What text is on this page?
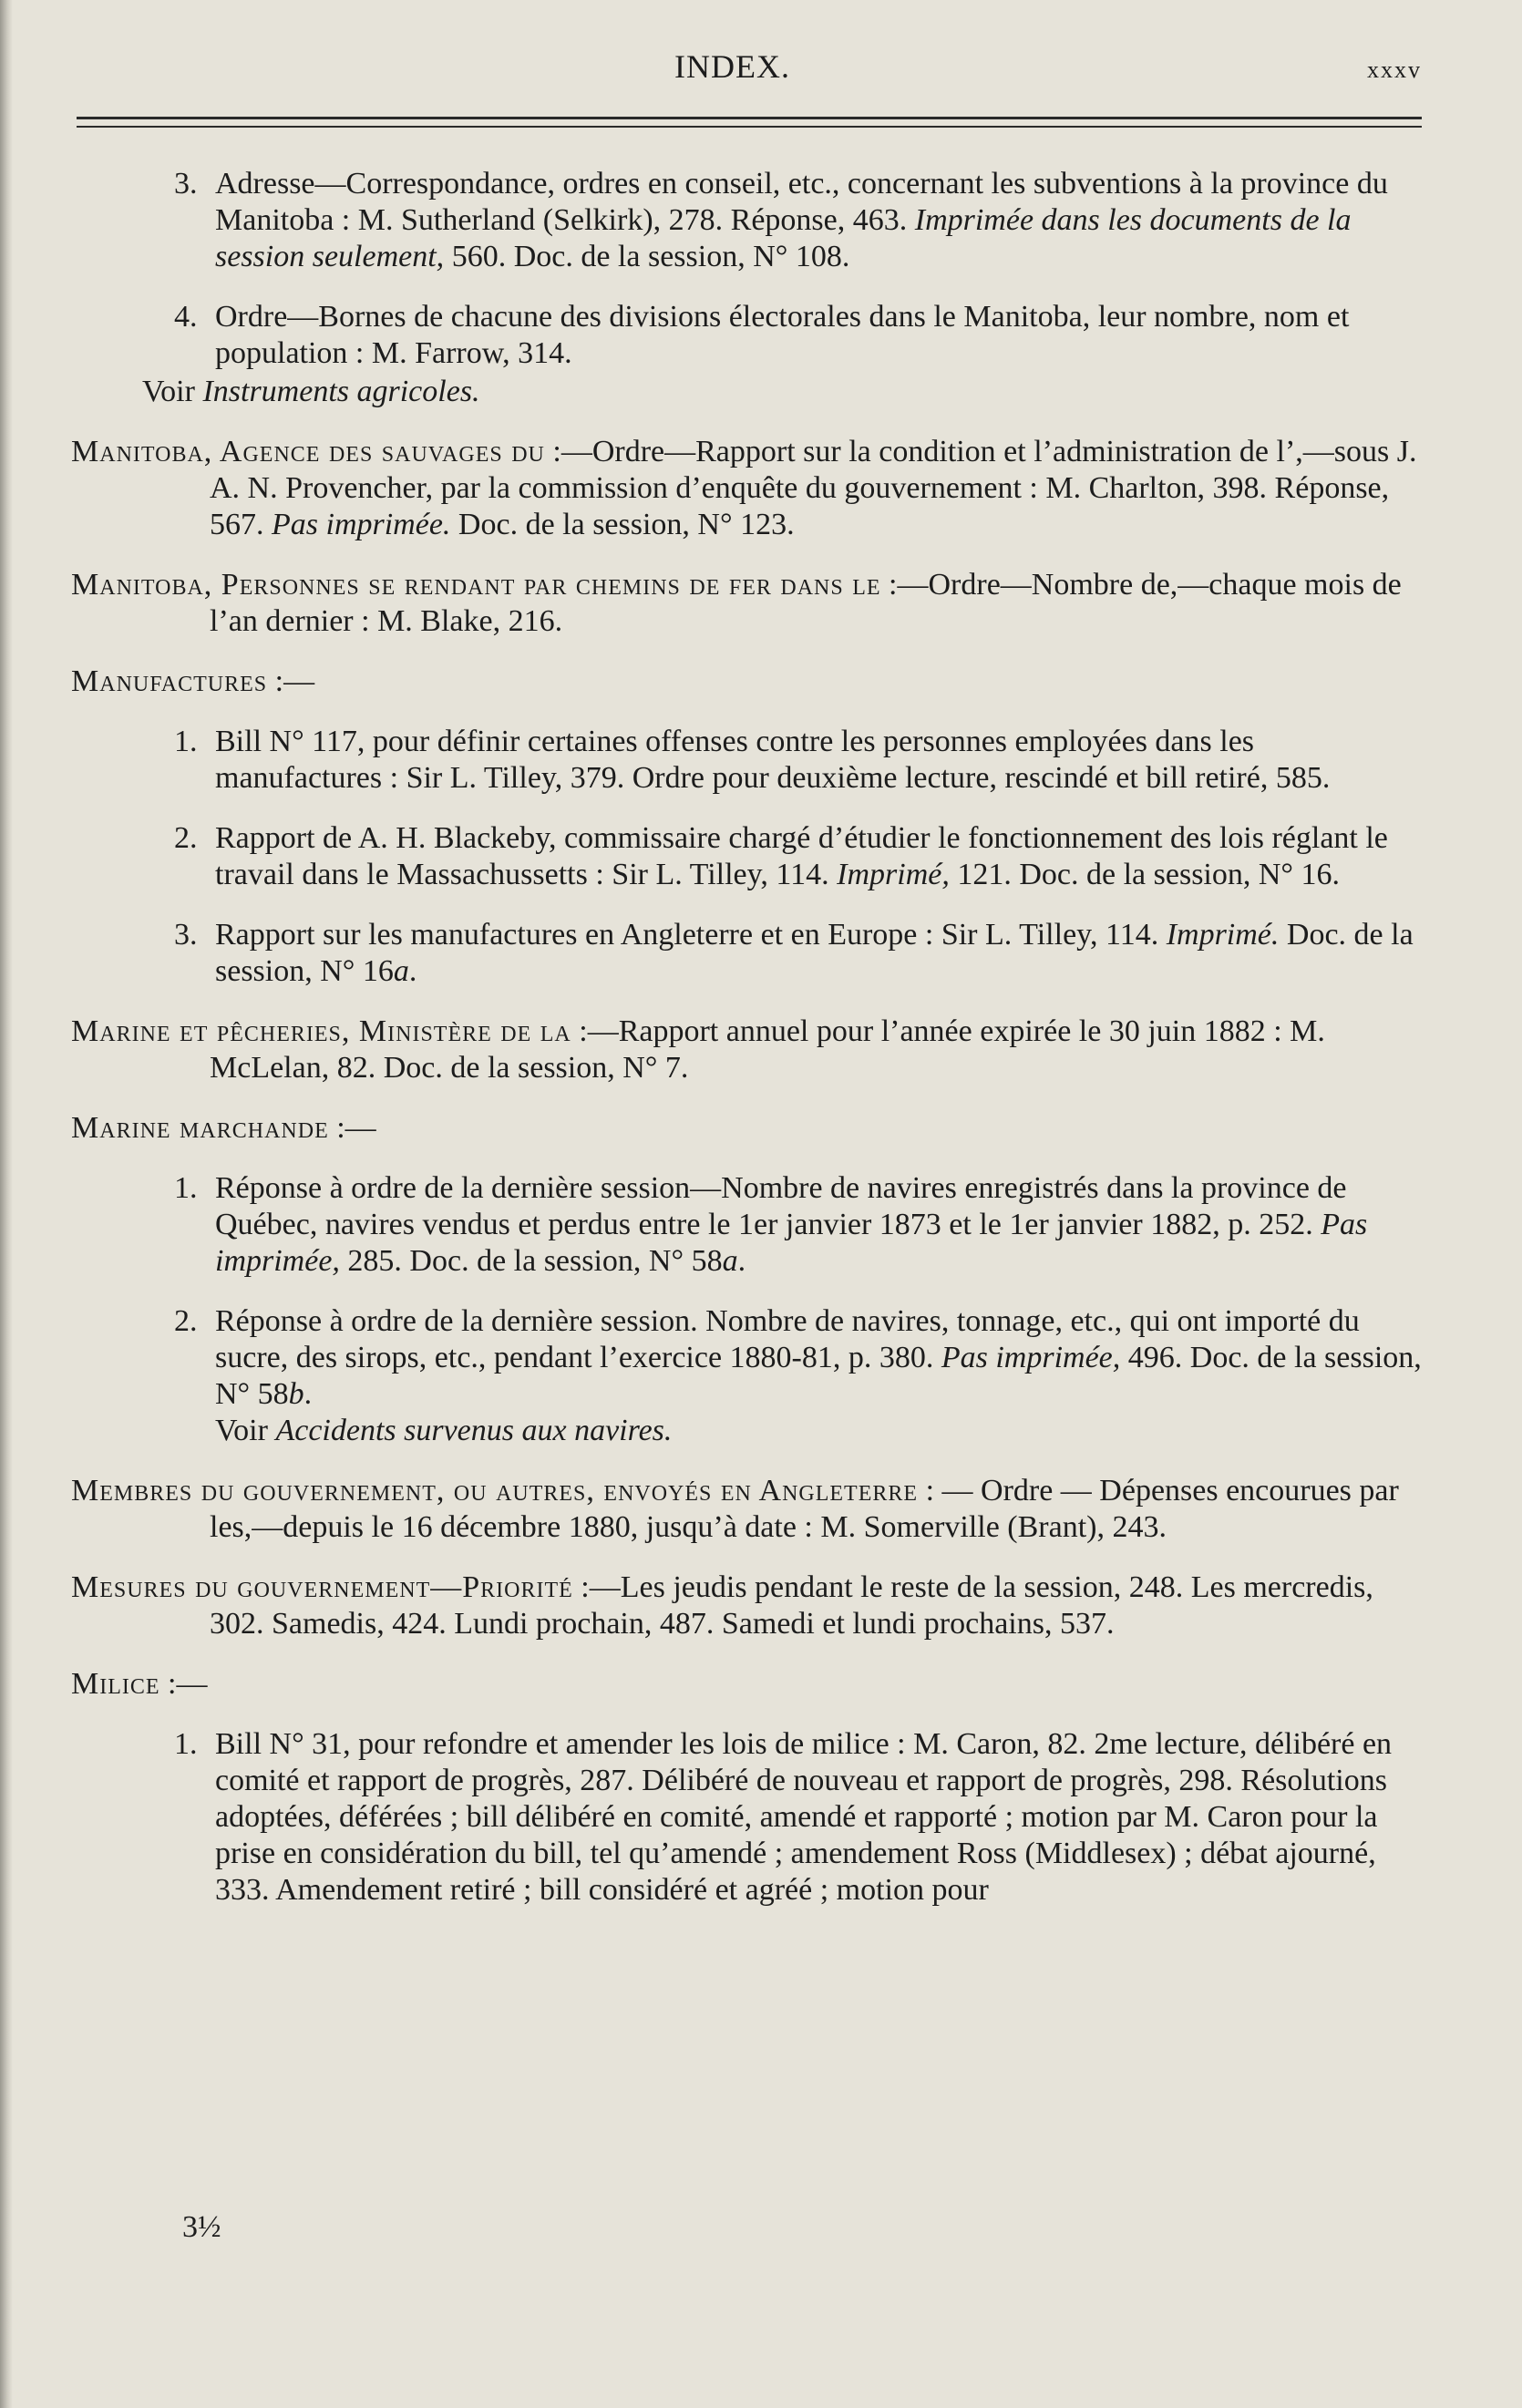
INDEX.	xxxv
3. Adresse—Correspondance, ordres en conseil, etc., concernant les subventions à la province du Manitoba : M. Sutherland (Selkirk), 278. Réponse, 463. Imprimée dans les documents de la session seulement, 560. Doc. de la session, N° 108.
4. Ordre—Bornes de chacune des divisions électorales dans le Manitoba, leur nombre, nom et population : M. Farrow, 314.
Voir Instruments agricoles.
Manitoba, Agence des sauvages du :—Ordre—Rapport sur la condition et l’administration de l’,—sous J. A. N. Provencher, par la commission d’enquête du gouvernement : M. Charlton, 398. Réponse, 567. Pas imprimée. Doc. de la session, N° 123.
Manitoba, Personnes se rendant par chemins de fer dans le :—Ordre—Nombre de,—chaque mois de l’an dernier : M. Blake, 216.
Manufactures :—
1. Bill N° 117, pour définir certaines offenses contre les personnes employées dans les manufactures : Sir L. Tilley, 379. Ordre pour deuxième lecture, rescindé et bill retiré, 585.
2. Rapport de A. H. Blackeby, commissaire chargé d’étudier le fonctionnement des lois réglant le travail dans le Massachussetts : Sir L. Tilley, 114. Imprimé, 121. Doc. de la session, N° 16.
3. Rapport sur les manufactures en Angleterre et en Europe : Sir L. Tilley, 114. Imprimé. Doc. de la session, N° 16a.
Marine et pêcheries, Ministère de la :—Rapport annuel pour l’année expirée le 30 juin 1882 : M. McLelan, 82. Doc. de la session, N° 7.
Marine marchande :—
1. Réponse à ordre de la dernière session—Nombre de navires enregistrés dans la province de Québec, navires vendus et perdus entre le 1er janvier 1873 et le 1er janvier 1882, p. 252. Pas imprimée, 285. Doc. de la session, N° 58a.
2. Réponse à ordre de la dernière session. Nombre de navires, tonnage, etc., qui ont importé du sucre, des sirops, etc., pendant l’exercice 1880-81, p. 380. Pas imprimée, 496. Doc. de la session, N° 58b.
Voir Accidents survenus aux navires.
Membres du gouvernement, ou autres, envoyés en Angleterre : — Ordre — Dépenses encourues par les,—depuis le 16 décembre 1880, jusqu’à date : M. Somerville (Brant), 243.
Mesures du gouvernement—Priorité :—Les jeudis pendant le reste de la session, 248. Les mercredis, 302. Samedis, 424. Lundi prochain, 487. Samedi et lundi prochains, 537.
Milice :—
1. Bill N° 31, pour refondre et amender les lois de milice : M. Caron, 82. 2me lecture, délibéré en comité et rapport de progrès, 287. Délibéré de nouveau et rapport de progrès, 298. Résolutions adoptées, déférées ; bill délibéré en comité, amendé et rapporté ; motion par M. Caron pour la prise en considération du bill, tel qu’amendé ; amendement Ross (Middlesex) ; débat ajourné, 333. Amendement retiré ; bill considéré et agréé ; motion pour
3½
